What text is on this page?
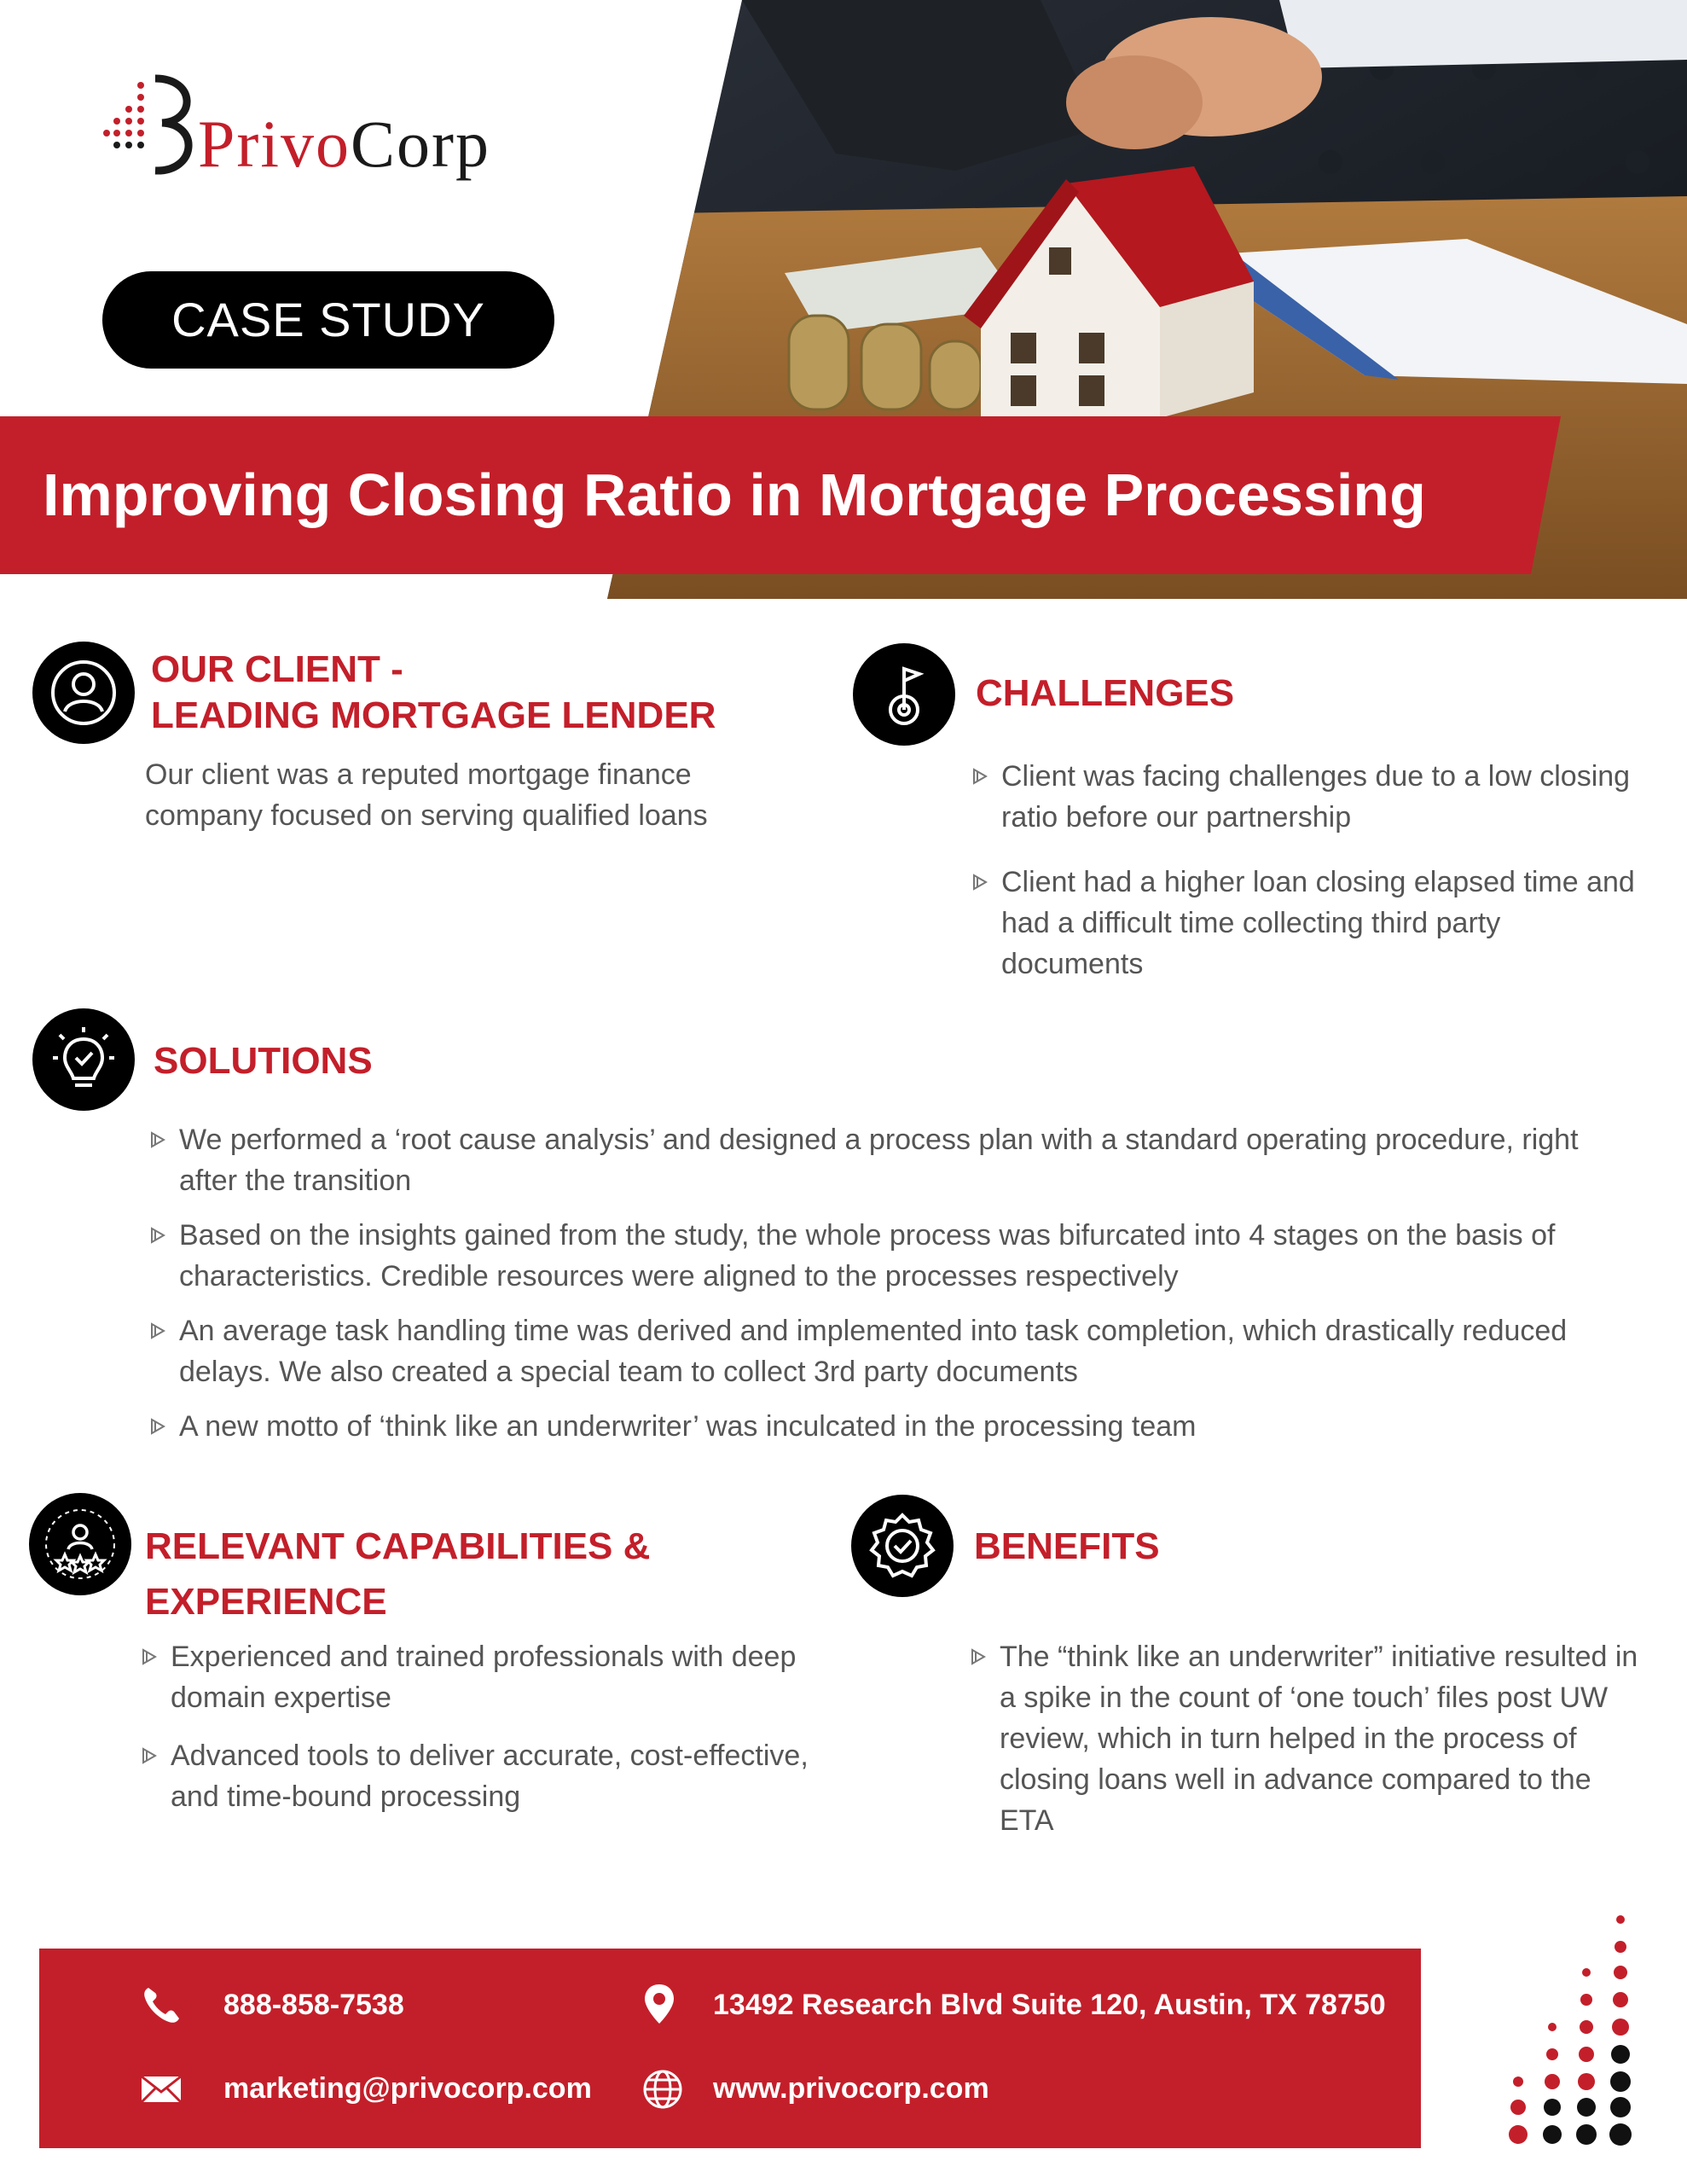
PrivoCorp
CASE STUDY
Improving Closing Ratio in Mortgage Processing
OUR CLIENT -
LEADING MORTGAGE LENDER
Our client was a reputed mortgage finance
company focused on serving qualified loans
CHALLENGES
Client was facing challenges due to a low closing ratio before our partnership
Client had a higher loan closing elapsed time and had a difficult time collecting third party documents
SOLUTIONS
We performed a ‘root cause analysis’ and designed a process plan with a standard operating procedure, right after the transition
Based on the insights gained from the study, the whole process was bifurcated into 4 stages on the basis of characteristics. Credible resources were aligned to the processes respectively
An average task handling time was derived and implemented into task completion, which drastically reduced delays. We also created a special team to collect 3rd party documents
A new motto of ‘think like an underwriter’ was inculcated in the processing team
RELEVANT CAPABILITIES &
EXPERIENCE
Experienced and trained professionals with deep domain expertise
Advanced tools to deliver accurate, cost-effective, and time-bound processing
BENEFITS
The “think like an underwriter” initiative resulted in a spike in the count of ‘one touch’ files post UW review, which in turn helped in the process of closing loans well in advance compared to the ETA
888-858-7538	13492 Research Blvd Suite 120, Austin, TX 78750
marketing@privocorp.com	www.privocorp.com
